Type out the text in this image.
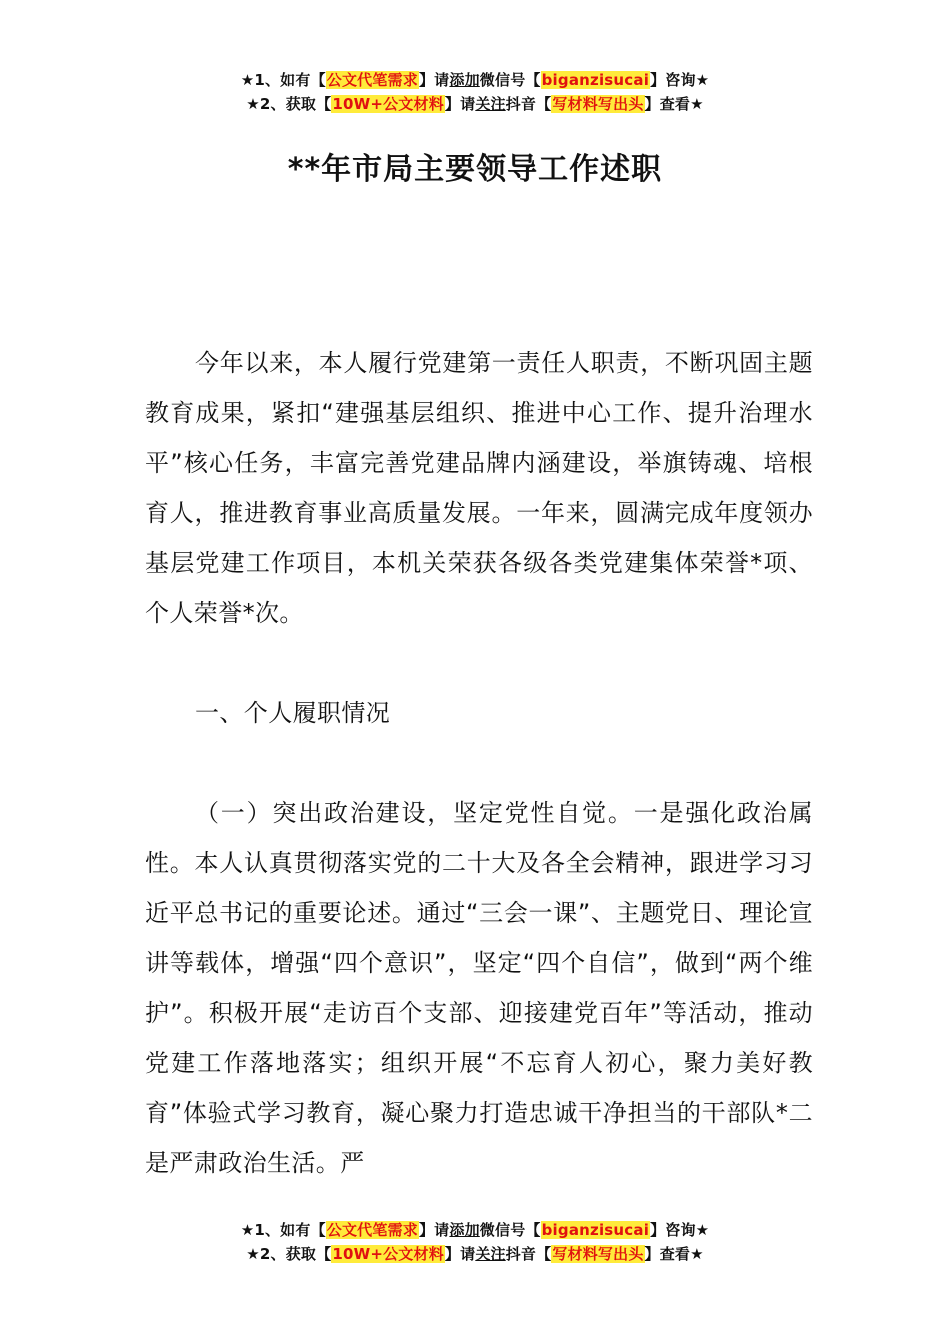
★1、如有【公文代笔需求】请添加微信号【biganzisucai】咨询★
★2、获取【10W+公文材料】请关注抖音【写材料写出头】查看★
**年市局主要领导工作述职
今年以来，本人履行党建第一责任人职责，不断巩固主题教育成果，紧扣“建强基层组织、推进中心工作、提升治理水平”核心任务，丰富完善党建品牌内涵建设，举旗铸魂、培根育人，推进教育事业高质量发展。一年来，圆满完成年度领办基层党建工作项目，本机关荣获各级各类党建集体荣誉*项、个人荣誉*次。
一、个人履职情况
（一）突出政治建设，坚定党性自觉。一是强化政治属性。本人认真贯彻落实党的二十大及各全会精神，跟进学习习近平总书记的重要论述。通过“三会一课”、主题党日、理论宣讲等载体，增强“四个意识”，坚定“四个自信”，做到“两个维护”。积极开展“走访百个支部、迎接建党百年”等活动，推动党建工作落地落实；组织开展“不忘育人初心，聚力美好教育”体验式学习教育，凝心聚力打造忠诚干净担当的干部队*二是严肃政治生活。严
★1、如有【公文代笔需求】请添加微信号【biganzisucai】咨询★
★2、获取【10W+公文材料】请关注抖音【写材料写出头】查看★
